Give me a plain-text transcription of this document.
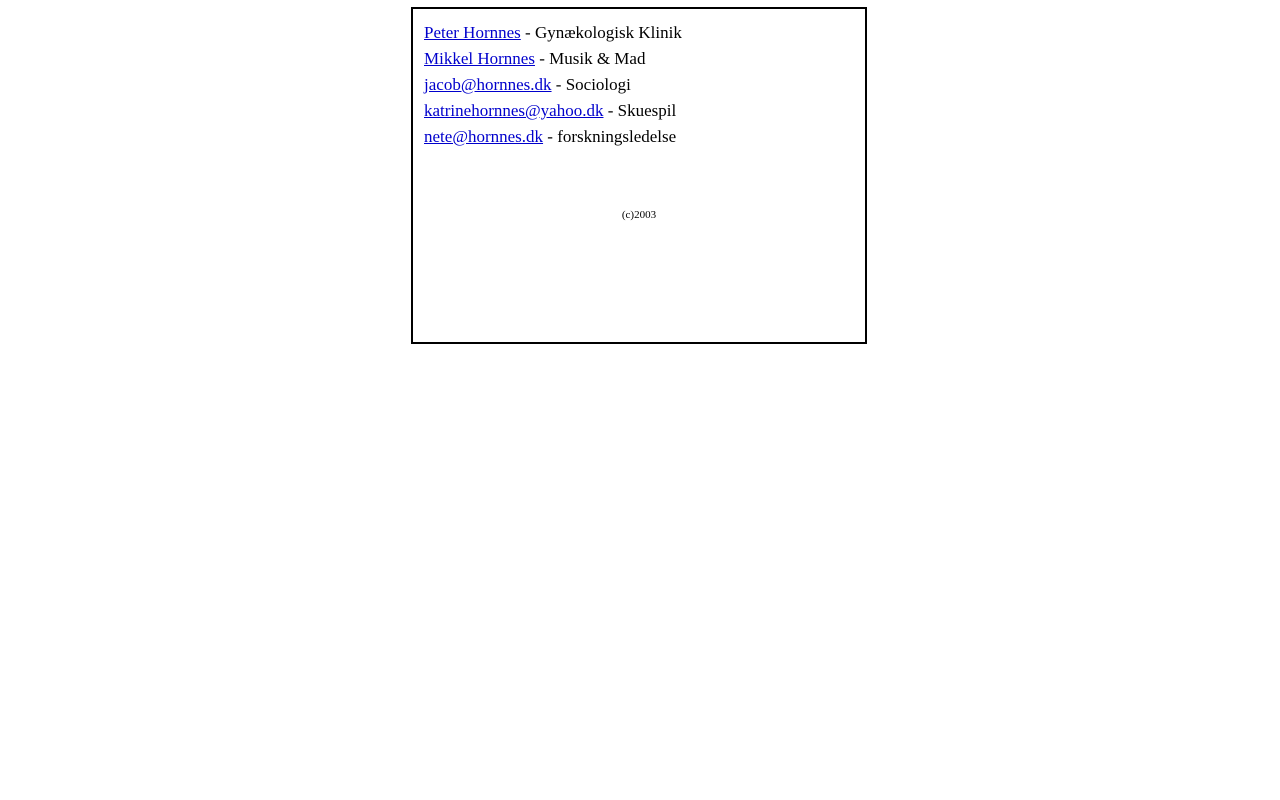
Peter Hornnes - Gynækologisk Klinik
Mikkel Hornnes - Musik & Mad
jacob@hornnes.dk - Sociologi
katrinehornnes@yahoo.dk - Skuespil
nete@hornnes.dk - forskningsledelse
(c)2003
